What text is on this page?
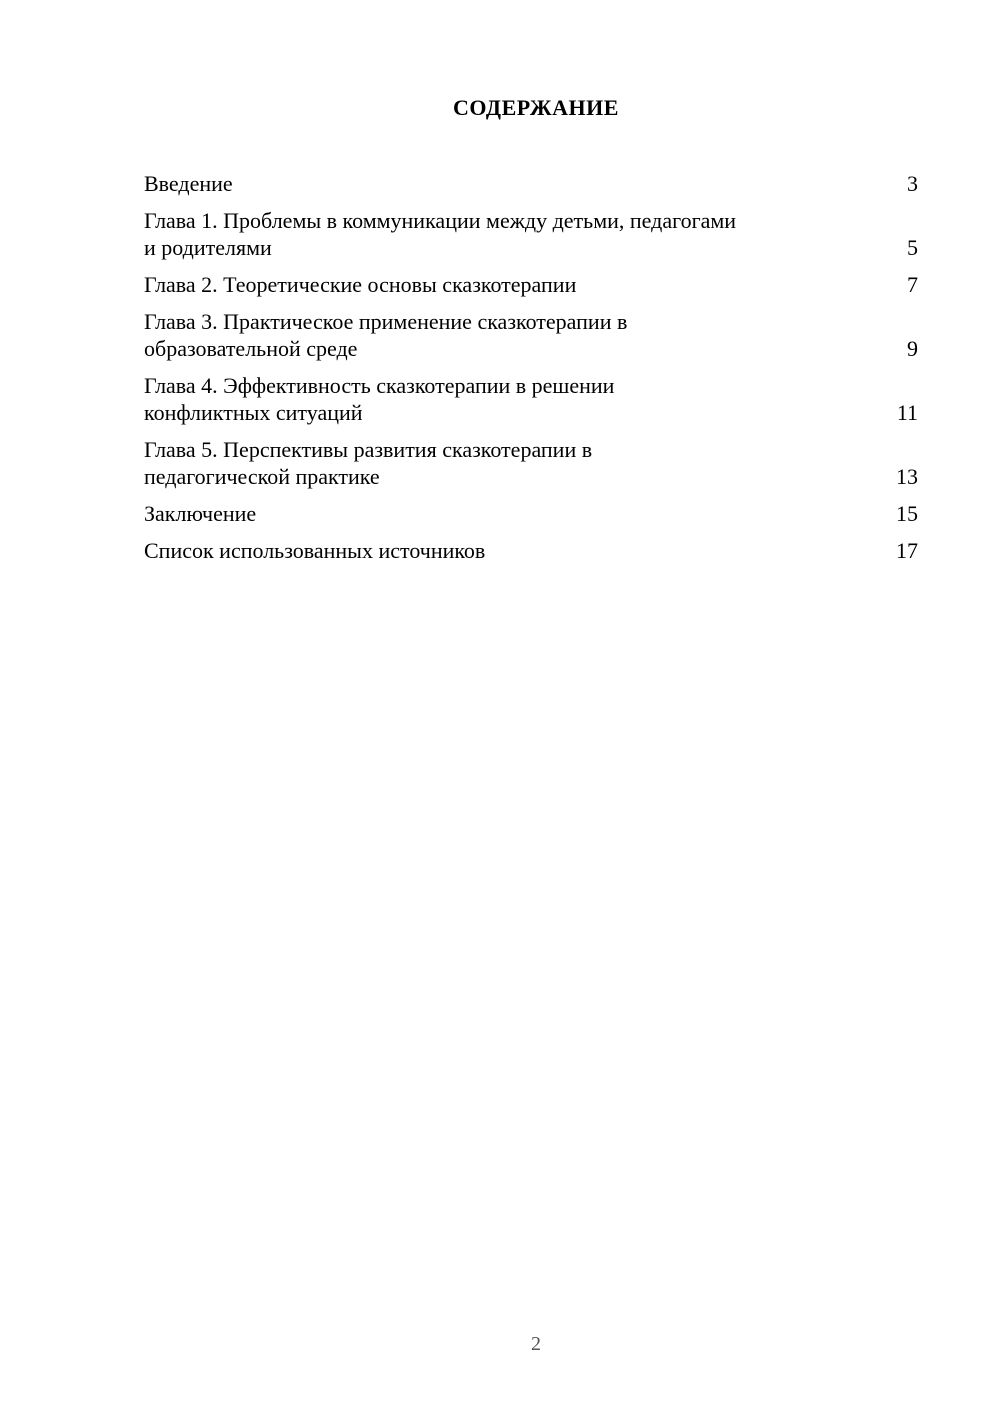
СОДЕРЖАНИЕ
Введение	3
Глава 1. Проблемы в коммуникации между детьми, педагогами
и родителями	5
Глава 2. Теоретические основы сказкотерапии	7
Глава 3. Практическое применение сказкотерапии в
образовательной среде	9
Глава 4. Эффективность сказкотерапии в решении
конфликтных ситуаций	11
Глава 5. Перспективы развития сказкотерапии в
педагогической практике	13
Заключение	15
Список использованных источников	17
2
